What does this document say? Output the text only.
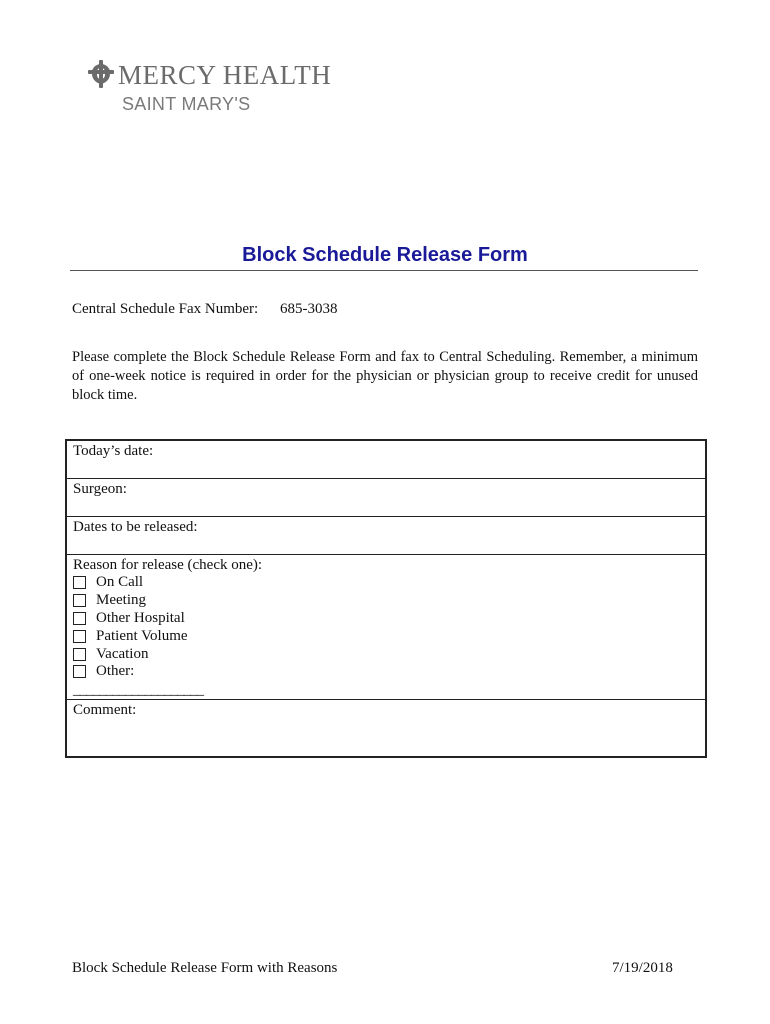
MERCY HEALTH
SAINT MARY'S
Block Schedule Release Form
Central Schedule Fax Number: 685-3038
Please complete the Block Schedule Release Form and fax to Central Scheduling. Remember, a minimum of one-week notice is required in order for the physician or physician group to receive credit for unused block time.
Today’s date:
Surgeon:
Dates to be released:
Reason for release (check one):
On Call
Meeting
Other Hospital
Patient Volume
Vacation
Other:
____________________
Comment:
Block Schedule Release Form with Reasons	7/19/2018
